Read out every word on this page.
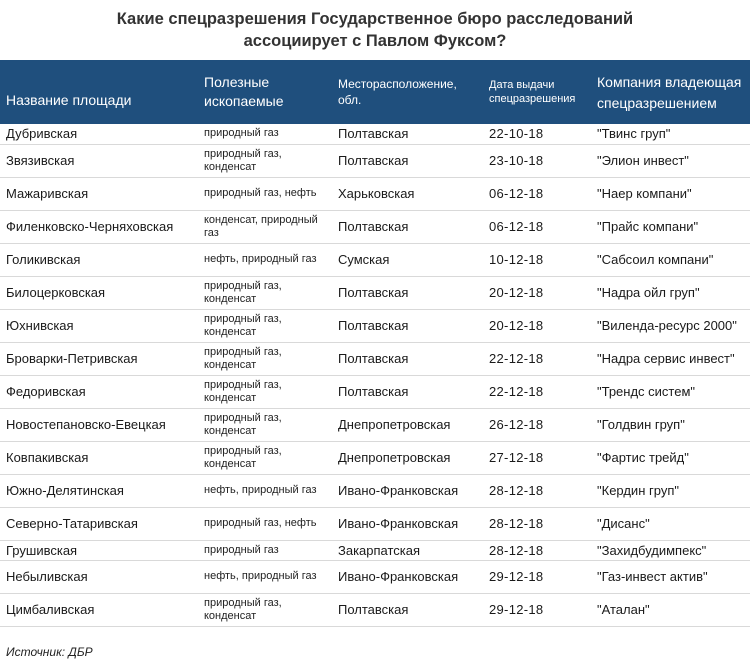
Какие спецразрешения Государственное бюро расследований
ассоциирует с Павлом Фуксом?
Название площади	Полезные ископаемые	Месторасположение, обл.	Дата выдачи спецразрешения	Компания владеющая спецразрешением
Дубривская	природный газ	Полтавская	22-10-18	"Твинс груп"
Звязивская	природный газ, конденсат	Полтавская	23-10-18	"Элион инвест"
Мажаривская	природный газ, нефть	Харьковская	06-12-18	"Наер компани"
Филенковско-Черняховская	конденсат, природный газ	Полтавская	06-12-18	"Прайс компани"
Голикивская	нефть, природный газ	Сумская	10-12-18	"Сабсоил компани"
Билоцерковская	природный газ, конденсат	Полтавская	20-12-18	"Надра ойл груп"
Юхнивская	природный газ, конденсат	Полтавская	20-12-18	"Виленда-ресурс 2000"
Броварки-Петривская	природный газ, конденсат	Полтавская	22-12-18	"Надра сервис инвест"
Федоривская	природный газ, конденсат	Полтавская	22-12-18	"Трендс систем"
Новостепановско-Евецкая	природный газ, конденсат	Днепропетровская	26-12-18	"Голдвин груп"
Ковпакивская	природный газ, конденсат	Днепропетровская	27-12-18	"Фартис трейд"
Южно-Делятинская	нефть, природный газ	Ивано-Франковская	28-12-18	"Кердин груп"
Северно-Татаривская	природный газ, нефть	Ивано-Франковская	28-12-18	"Дисанс"
Грушивская	природный газ	Закарпатская	28-12-18	"Захидбудимпекс"
Небыливская	нефть, природный газ	Ивано-Франковская	29-12-18	"Газ-инвест актив"
Цимбаливская	природный газ, конденсат	Полтавская	29-12-18	"Аталан"
Источник: ДБР
